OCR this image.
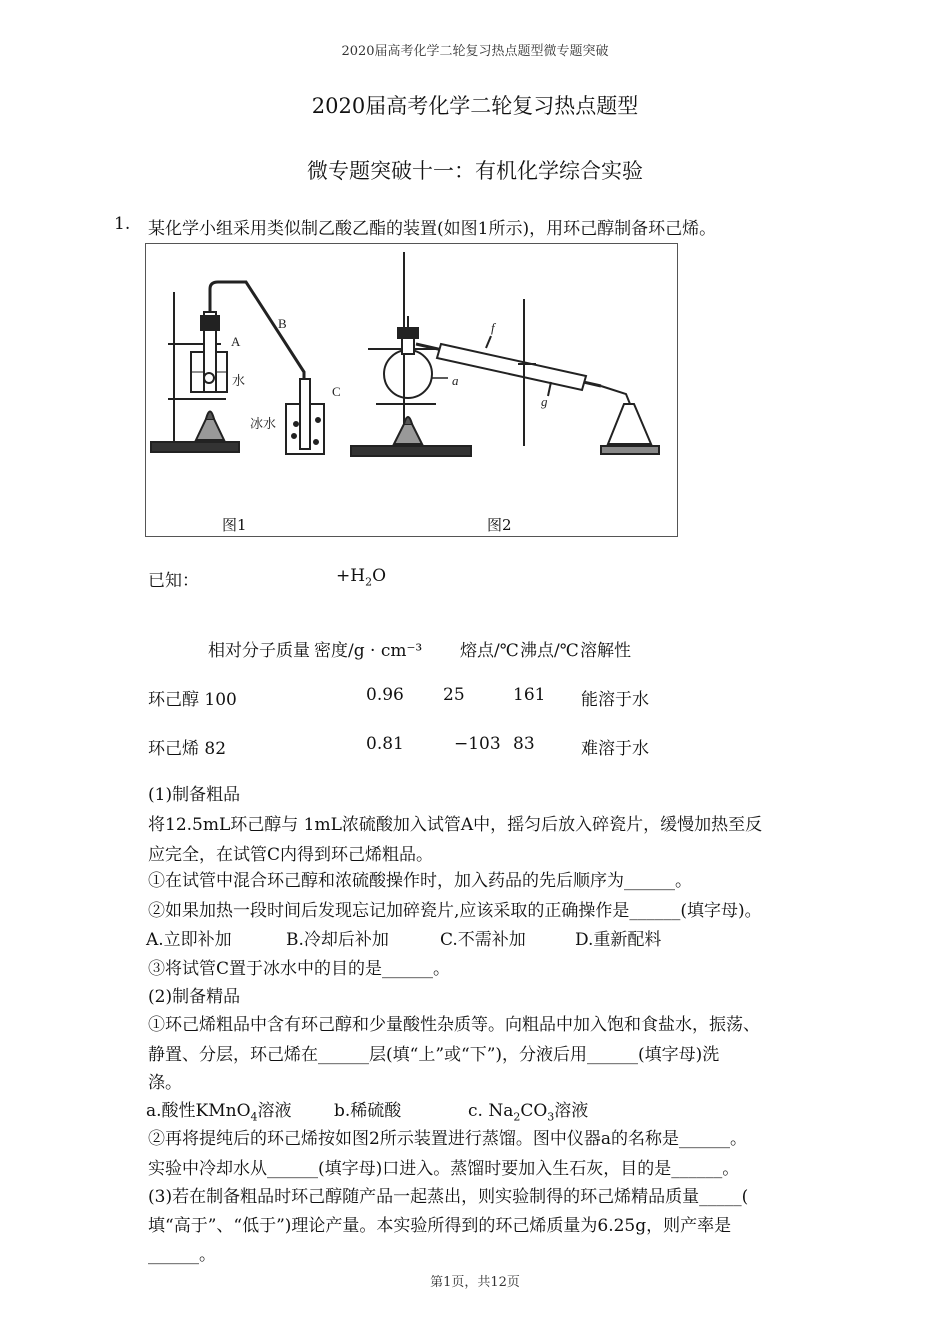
2020届高考化学二轮复习热点题型微专题突破
2020届高考化学二轮复习热点题型
微专题突破十一：有机化学综合实验
1. 某化学小组采用类似制乙酸乙酯的装置(如图1所示)，用环己醇制备环己烯。
A
B
C
水
冰水
a
f
g
图1	图2
已知：	$+H_2O$
相对分子质量 密度/g · cm⁻³ 熔点/℃ 沸点/℃ 溶解性
环己醇 100	0.96 25	161 能溶于水
环己烯 82	0.81	−103 83	难溶于水
(1)制备粗品
将12.5mL环己醇与 1mL浓硫酸加入试管A中，摇匀后放入碎瓷片，缓慢加热至反
应完全，在试管C内得到环己烯粗品。
①在试管中混合环己醇和浓硫酸操作时，加入药品的先后顺序为______。
②如果加热一段时间后发现忘记加碎瓷片,应该采取的正确操作是______(填字母)。
A.立即补加	B.冷却后补加	C.不需补加	D.重新配料
③将试管C置于冰水中的目的是______。
(2)制备精品
①环己烯粗品中含有环己醇和少量酸性杂质等。向粗品中加入饱和食盐水，振荡、
静置、分层，环己烯在______层(填“上”或“下”)，分液后用______(填字母)洗
涤。
a.酸性KMnO$_4$溶液 b.稀硫酸	c. $Na_2CO_3$溶液
②再将提纯后的环己烯按如图2所示装置进行蒸馏。图中仪器a的名称是______。
实验中冷却水从______(填字母)口进入。蒸馏时要加入生石灰，目的是______。
(3)若在制备粗品时环己醇随产品一起蒸出，则实验制得的环己烯精品质量_____(
填“高于”、“低于”)理论产量。本实验所得到的环己烯质量为6.25g，则产率是
______。
第1页，共12页
